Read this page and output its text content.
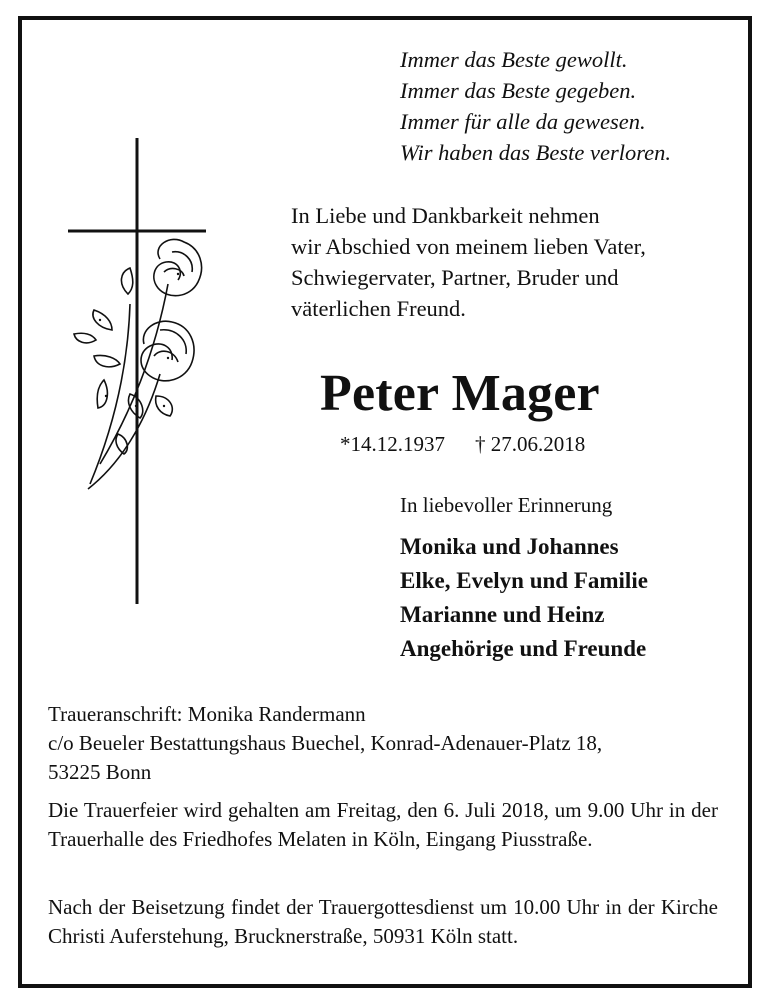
Immer das Beste gewollt.
Immer das Beste gegeben.
Immer für alle da gewesen.
Wir haben das Beste verloren.
In Liebe und Dankbarkeit nehmen
wir Abschied von meinem lieben Vater,
Schwiegervater, Partner, Bruder und
väterlichen Freund.
Peter Mager
*14.12.1937 † 27.06.2018
In liebevoller Erinnerung
Monika und Johannes
Elke, Evelyn und Familie
Marianne und Heinz
Angehörige und Freunde
Traueranschrift: Monika Randermann
c/o Beueler Bestattungshaus Buechel, Konrad-Adenauer-Platz 18,
53225 Bonn
Die Trauerfeier wird gehalten am Freitag, den 6. Juli 2018, um 9.00 Uhr in der Trauerhalle des Friedhofes Melaten in Köln, Eingang Piusstraße.
Nach der Beisetzung findet der Trauergottesdienst um 10.00 Uhr in der Kirche Christi Auferstehung, Brucknerstraße, 50931 Köln statt.
